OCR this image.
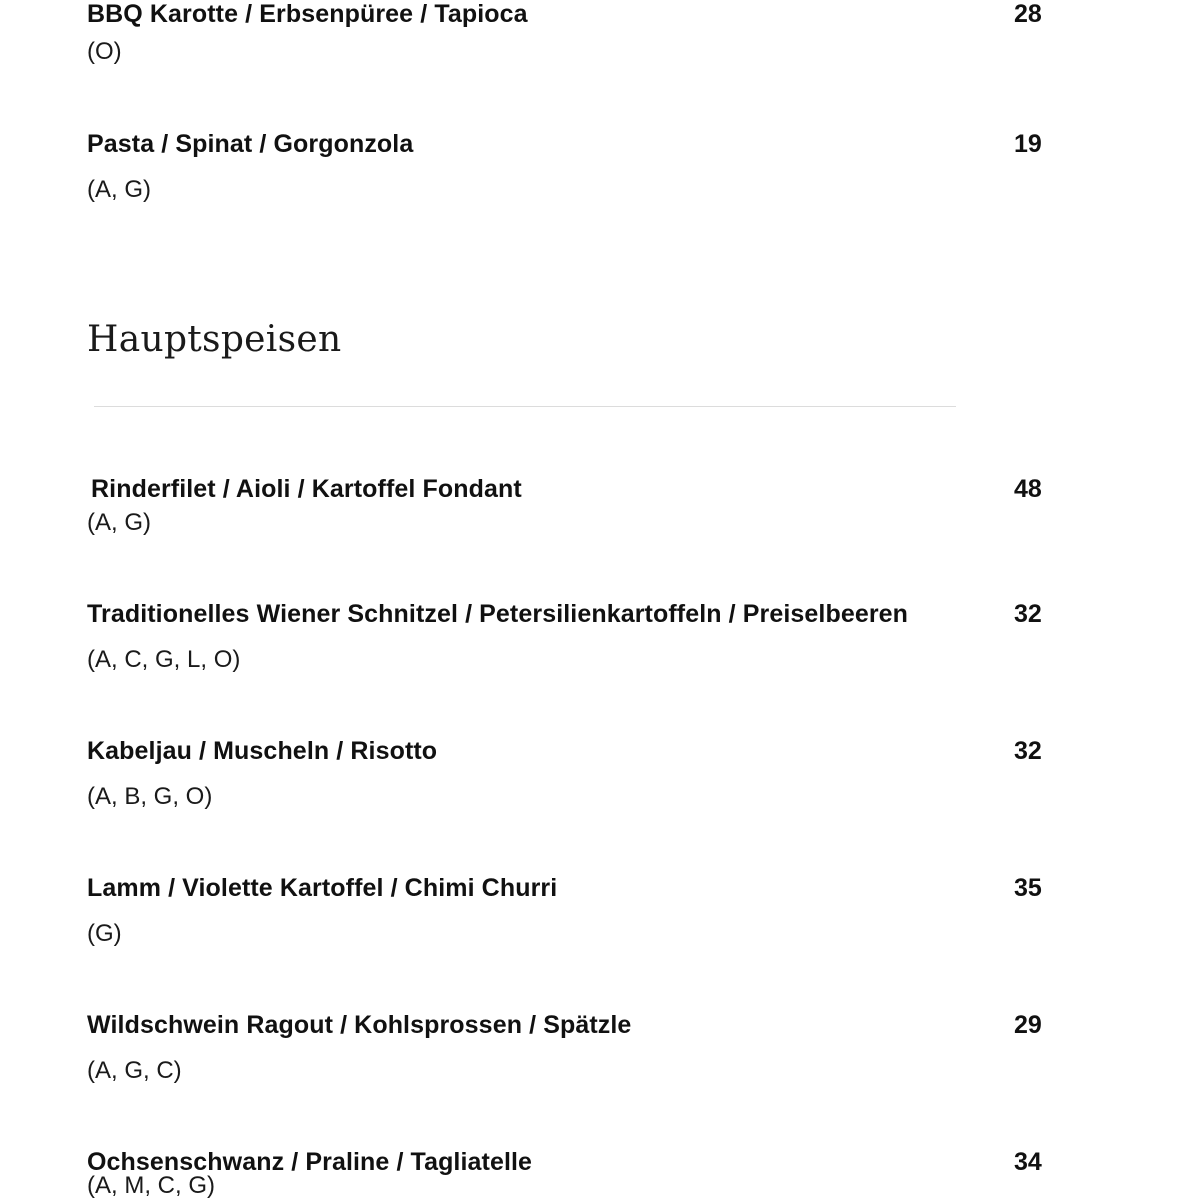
BBQ Karotte / Erbsenpüree / Tapioca	28
(O)
Pasta / Spinat / Gorgonzola	19
(A, G)
Hauptspeisen
Rinderfilet / Aioli / Kartoffel Fondant	48
(A, G)
Traditionelles Wiener Schnitzel / Petersilienkartoffeln / Preiselbeeren	32
(A, C, G, L, O)
Kabeljau / Muscheln / Risotto	32
(A, B, G, O)
Lamm / Violette Kartoffel / Chimi Churri	35
(G)
Wildschwein Ragout / Kohlsprossen / Spätzle	29
(A, G, C)
Ochsenschwanz / Praline / Tagliatelle	34
(A, M, C, G)
